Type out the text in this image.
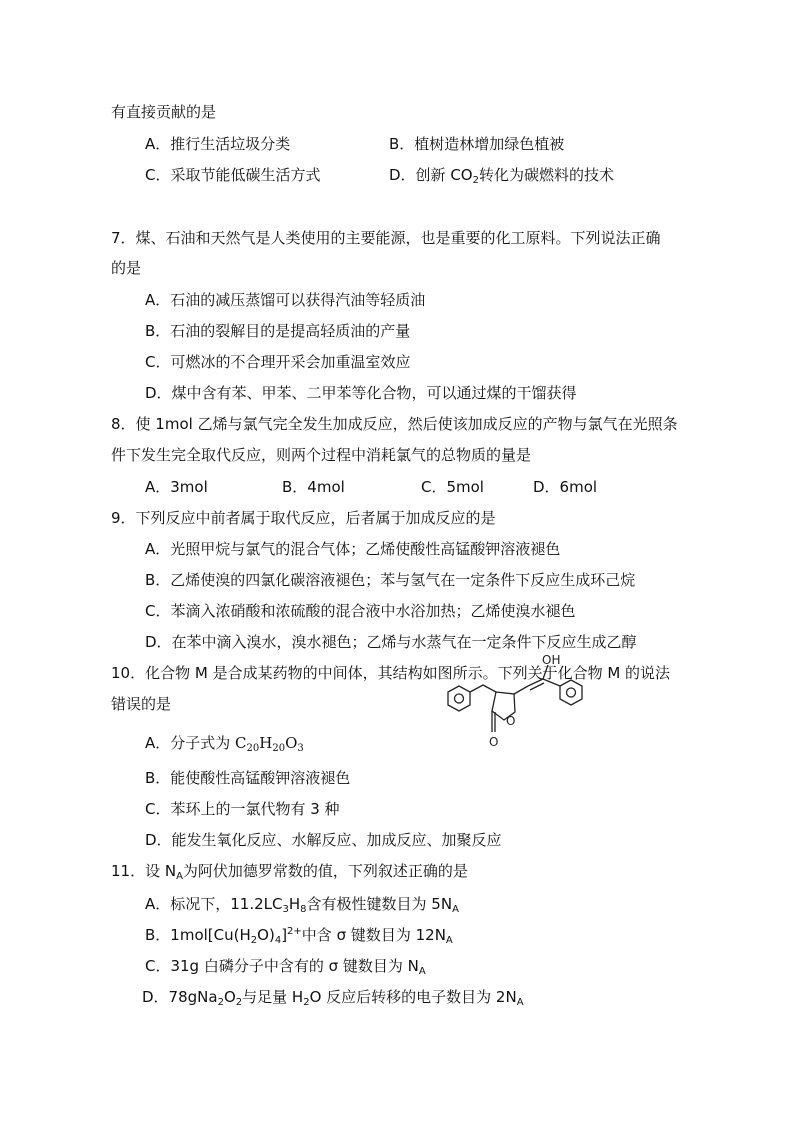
有直接贡献的是
A．推行生活垃圾分类	B．植树造林增加绿色植被
C．采取节能低碳生活方式	D．创新 $CO_2$转化为碳燃料的技术
7．煤、石油和天然气是人类使用的主要能源，也是重要的化工原料。下列说法正确
的是
A．石油的减压蒸馏可以获得汽油等轻质油
B．石油的裂解目的是提高轻质油的产量
C．可燃冰的不合理开采会加重温室效应
D．煤中含有苯、甲苯、二甲苯等化合物，可以通过煤的干馏获得
8．使 1mol 乙烯与氯气完全发生加成反应，然后使该加成反应的产物与氯气在光照条
件下发生完全取代反应，则两个过程中消耗氯气的总物质的量是
A．3mol	B．4mol	C．5mol	D．6mol
9．下列反应中前者属于取代反应，后者属于加成反应的是
A．光照甲烷与氯气的混合气体；乙烯使酸性高锰酸钾溶液褪色
B．乙烯使溴的四氯化碳溶液褪色；苯与氢气在一定条件下反应生成环己烷
C．苯滴入浓硝酸和浓硫酸的混合液中水浴加热；乙烯使溴水褪色
D．在苯中滴入溴水，溴水褪色；乙烯与水蒸气在一定条件下反应生成乙醇
10．化合物 M 是合成某药物的中间体，其结构如图所示。下列关于化合物 M 的说法
错误的是
O
O
OH
A．分子式为 $C_{20}H_{20}O_3$
B．能使酸性高锰酸钾溶液褪色
C．苯环上的一氯代物有 3 种
D．能发生氧化反应、水解反应、加成反应、加聚反应
11．设 $N_A$为阿伏加德罗常数的值，下列叙述正确的是
A．标况下，$11.2LC_3H_8$含有极性键数目为 $5N_A$
B．$1mol[Cu(H_2O)_4]^{2+}$中含 σ 键数目为 $12N_A$
C．31g 白磷分子中含有的 σ 键数目为 $N_A$
D．$78gNa_2O_2$与足量 $H_2O$ 反应后转移的电子数目为 $2N_A$
